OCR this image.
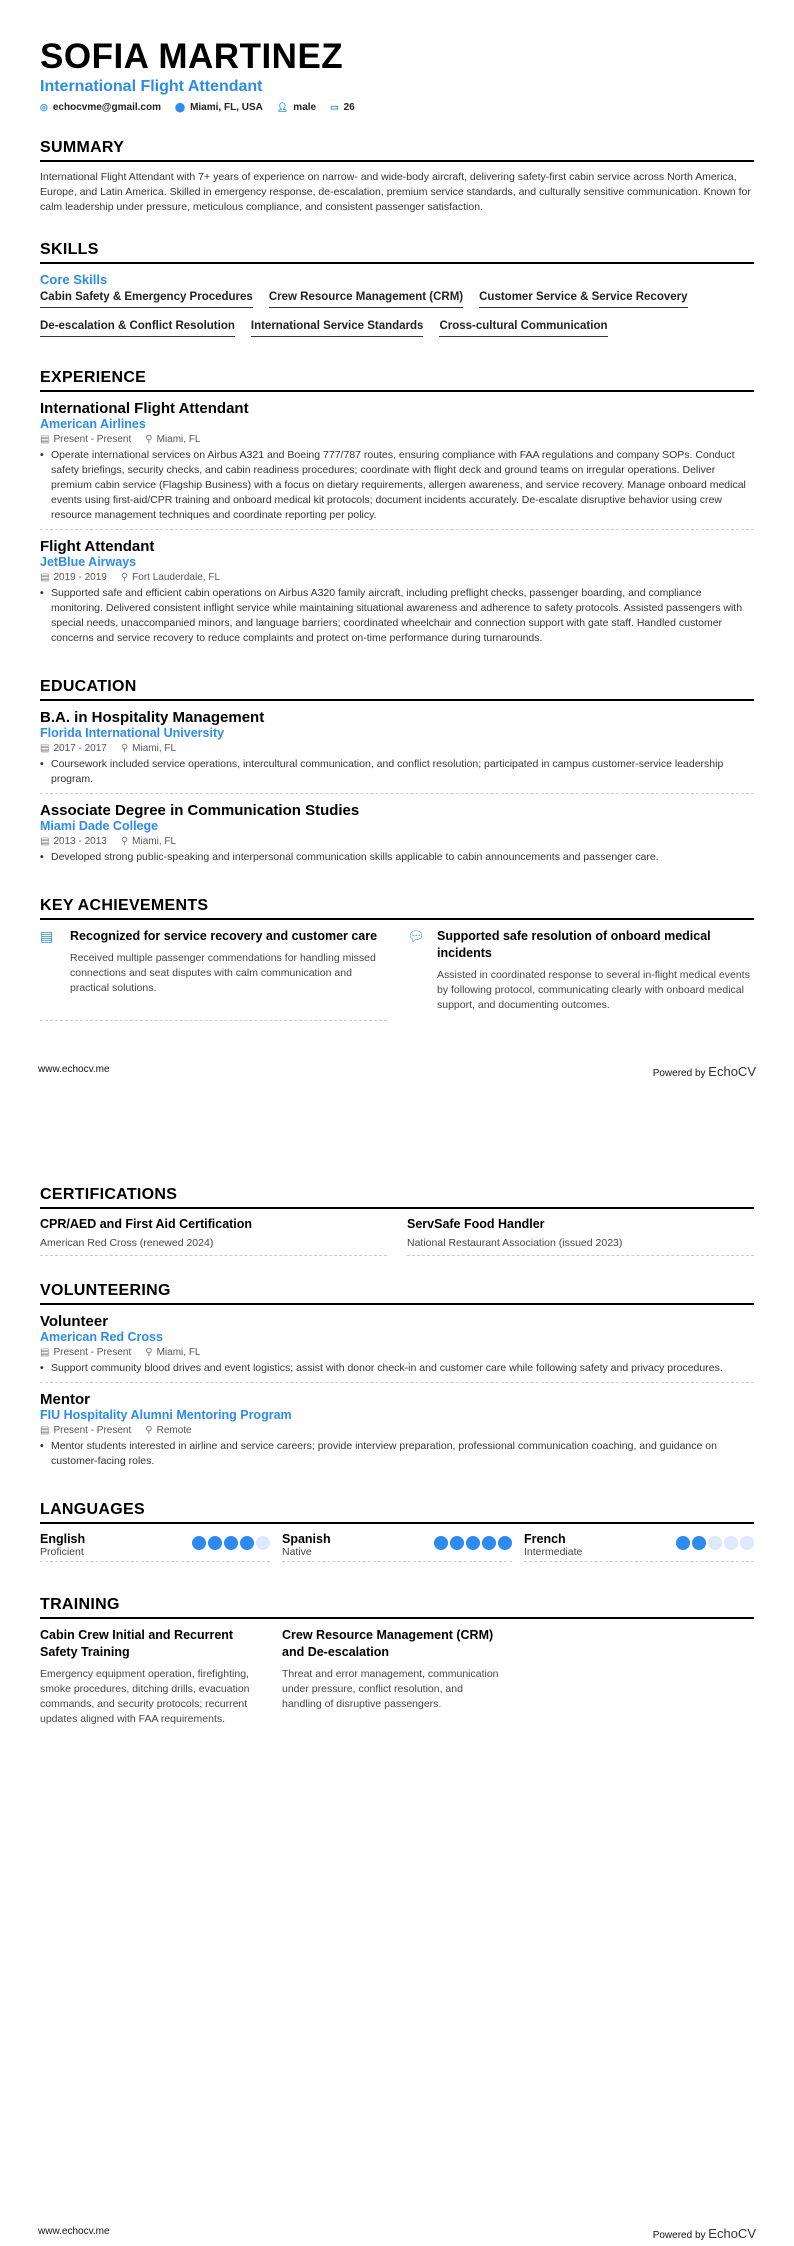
SOFIA MARTINEZ
International Flight Attendant
◎ echocvme@gmail.com ⬤ Miami, FL, USA 👤︎ male ▭ 26
SUMMARY

International Flight Attendant with 7+ years of experience on narrow- and wide-body aircraft, delivering safety-first cabin service across North America, Europe, and Latin America. Skilled in emergency response, de-escalation, premium service standards, and culturally sensitive communication. Known for calm leadership under pressure, meticulous compliance, and consistent passenger satisfaction.

SKILLS
Core Skills
Cabin Safety & Emergency Procedures Crew Resource Management (CRM) Customer Service & Service Recovery
De-escalation & Conflict Resolution International Service Standards Cross-cultural Communication
EXPERIENCE
International Flight Attendant
American Airlines
▤ Present - Present ⚲ Miami, FL
• Operate international services on Airbus A321 and Boeing 777/787 routes, ensuring compliance with FAA regulations and company SOPs. Conduct safety briefings, security checks, and cabin readiness procedures; coordinate with flight deck and ground teams on irregular operations. Deliver premium cabin service (Flagship Business) with a focus on dietary requirements, allergen awareness, and service recovery. Manage onboard medical events using first-aid/CPR training and onboard medical kit protocols; document incidents accurately. De-escalate disruptive behavior using crew resource management techniques and coordinate reporting per policy.
Flight Attendant
JetBlue Airways
▤ 2019 - 2019 ⚲ Fort Lauderdale, FL
• Supported safe and efficient cabin operations on Airbus A320 family aircraft, including preflight checks, passenger boarding, and compliance monitoring. Delivered consistent inflight service while maintaining situational awareness and adherence to safety protocols. Assisted passengers with special needs, unaccompanied minors, and language barriers; coordinated wheelchair and connection support with gate staff. Handled customer concerns and service recovery to reduce complaints and protect on-time performance during turnarounds.
EDUCATION
B.A. in Hospitality Management
Florida International University
▤ 2017 - 2017 ⚲ Miami, FL
• Coursework included service operations, intercultural communication, and conflict resolution; participated in campus customer-service leadership program.
Associate Degree in Communication Studies
Miami Dade College
▤ 2013 - 2013 ⚲ Miami, FL
• Developed strong public-speaking and interpersonal communication skills applicable to cabin announcements and passenger care.
KEY ACHIEVEMENTS
▤ Recognized for service recovery and customer care
Received multiple passenger commendations for handling missed connections and seat disputes with calm communication and practical solutions.
💬︎ Supported safe resolution of onboard medical incidents
Assisted in coordinated response to several in-flight medical events by following protocol, communicating clearly with onboard medical support, and documenting outcomes.
www.echocv.me	Powered by EchoCV
CERTIFICATIONS
CPR/AED and First Aid Certification
American Red Cross (renewed 2024)
ServSafe Food Handler
National Restaurant Association (issued 2023)
VOLUNTEERING
Volunteer
American Red Cross
▤ Present - Present ⚲ Miami, FL
• Support community blood drives and event logistics; assist with donor check-in and customer care while following safety and privacy procedures.
Mentor
FIU Hospitality Alumni Mentoring Program
▤ Present - Present ⚲ Remote
• Mentor students interested in airline and service careers; provide interview preparation, professional communication coaching, and guidance on customer-facing roles.
LANGUAGES
English
Proficient
Spanish
Native
French
Intermediate
TRAINING
Cabin Crew Initial and Recurrent Safety Training
Emergency equipment operation, firefighting, smoke procedures, ditching drills, evacuation commands, and security protocols; recurrent updates aligned with FAA requirements.
Crew Resource Management (CRM) and De-escalation
Threat and error management, communication under pressure, conflict resolution, and handling of disruptive passengers.
www.echocv.me	Powered by EchoCV
